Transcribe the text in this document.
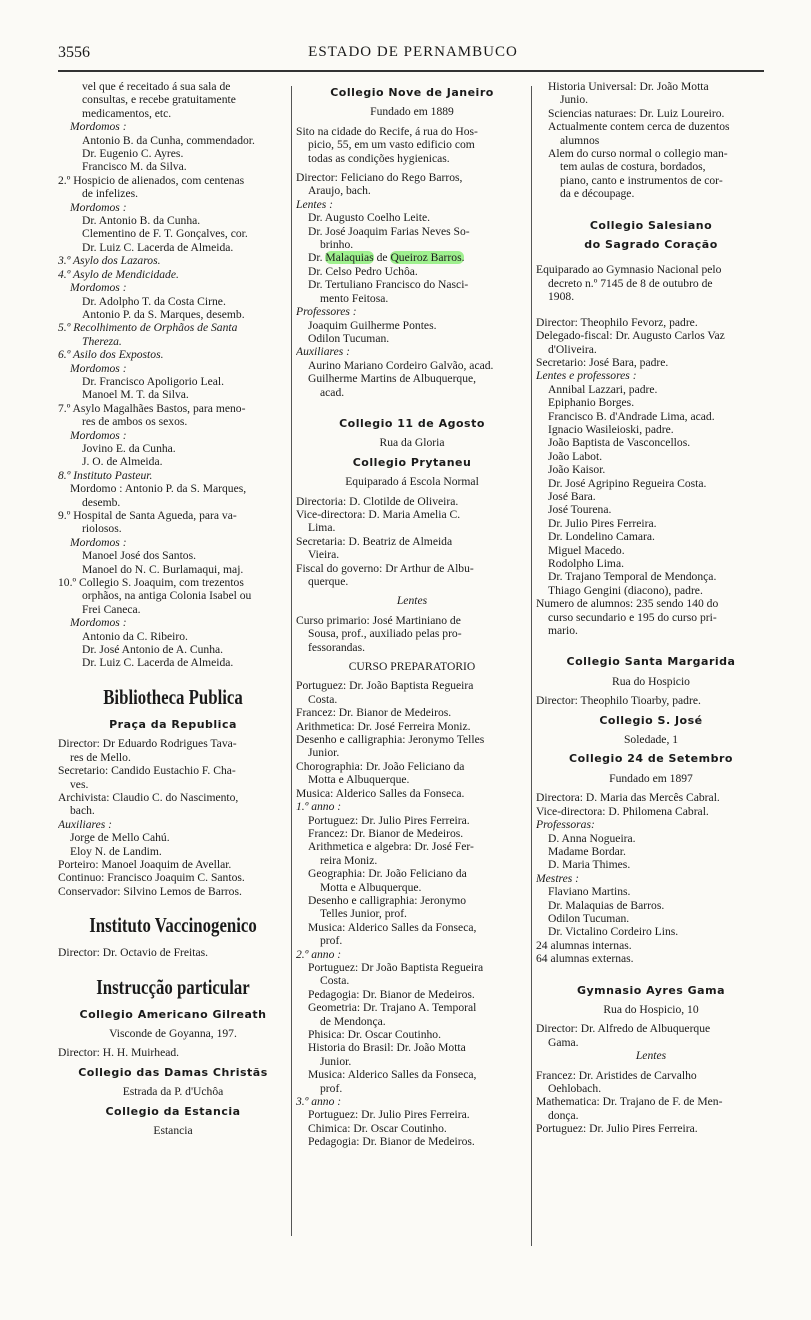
3556	ESTADO DE PERNAMBUCO
vel que é receitado á sua sala de
consultas, e recebe gratuitamente
medicamentos, etc.
Mordomos :
Antonio B. da Cunha, commendador.
Dr. Eugenio C. Ayres.
Francisco M. da Silva.
2.º Hospicio de alienados, com centenas
de infelizes.
Mordomos :
Dr. Antonio B. da Cunha.
Clementino de F. T. Gonçalves, cor.
Dr. Luiz C. Lacerda de Almeida.
3.º Asylo dos Lazaros.
4.º Asylo de Mendicidade.
Mordomos :
Dr. Adolpho T. da Costa Cirne.
Antonio P. da S. Marques, desemb.
5.º Recolhimento de Orphãos de Santa
Thereza.
6.º Asilo dos Expostos.
Mordomos :
Dr. Francisco Apoligorio Leal.
Manoel M. T. da Silva.
7.º Asylo Magalhães Bastos, para meno-
res de ambos os sexos.
Mordomos :
Jovino E. da Cunha.
J. O. de Almeida.
8.º Instituto Pasteur.
Mordomo : Antonio P. da S. Marques,
desemb.
9.º Hospital de Santa Agueda, para va-
riolosos.
Mordomos :
Manoel José dos Santos.
Manoel do N. C. Burlamaqui, maj.
10.º Collegio S. Joaquim, com trezentos
orphãos, na antiga Colonia Isabel ou
Frei Caneca.
Mordomos :
Antonio da C. Ribeiro.
Dr. José Antonio de A. Cunha.
Dr. Luiz C. Lacerda de Almeida.
Bibliotheca Publica
Praça da Republica
Director: Dr Eduardo Rodrigues Tava-
res de Mello.
Secretario: Candido Eustachio F. Cha-
ves.
Archivista: Claudio C. do Nascimento,
bach.
Auxiliares :
Jorge de Mello Cahú.
Eloy N. de Landim.
Porteiro: Manoel Joaquim de Avellar.
Continuo: Francisco Joaquim C. Santos.
Conservador: Silvino Lemos de Barros.
Instituto Vaccinogenico
Director: Dr. Octavio de Freitas.
Instrucção particular
Collegio Americano Gilreath
Visconde de Goyanna, 197.
Director: H. H. Muirhead.
Collegio das Damas Christãs
Estrada da P. d'Uchôa
Collegio da Estancia
Estancia
Collegio Nove de Janeiro
Fundado em 1889
Sito na cidade do Recife, á rua do Hos-
picio, 55, em um vasto edificio com
todas as condições hygienicas.
Director: Feliciano do Rego Barros,
Araujo, bach.
Lentes :
Dr. Augusto Coelho Leite.
Dr. José Joaquim Farias Neves So-
brinho.
Dr. Malaquias de Queiroz Barros.
Dr. Celso Pedro Uchôa.
Dr. Tertuliano Francisco do Nasci-
mento Feitosa.
Professores :
Joaquim Guilherme Pontes.
Odilon Tucuman.
Auxiliares :
Aurino Mariano Cordeiro Galvão, acad.
Guilherme Martins de Albuquerque,
acad.
Collegio 11 de Agosto
Rua da Gloria
Collegio Prytaneu
Equiparado á Escola Normal
Directoria: D. Clotilde de Oliveira.
Vice-directora: D. Maria Amelia C.
Lima.
Secretaria: D. Beatriz de Almeida
Vieira.
Fiscal do governo: Dr Arthur de Albu-
querque.
Lentes
Curso primario: José Martiniano de
Sousa, prof., auxiliado pelas pro-
fessorandas.
CURSO PREPARATORIO
Portuguez: Dr. João Baptista Regueira
Costa.
Francez: Dr. Bianor de Medeiros.
Arithmetica: Dr. José Ferreira Moniz.
Desenho e calligraphia: Jeronymo Telles
Junior.
Chorographia: Dr. João Feliciano da
Motta e Albuquerque.
Musica: Alderico Salles da Fonseca.
1.º anno :
Portuguez: Dr. Julio Pires Ferreira.
Francez: Dr. Bianor de Medeiros.
Arithmetica e algebra: Dr. José Fer-
reira Moniz.
Geographia: Dr. João Feliciano da
Motta e Albuquerque.
Desenho e calligraphia: Jeronymo
Telles Junior, prof.
Musica: Alderico Salles da Fonseca,
prof.
2.º anno :
Portuguez: Dr João Baptista Regueira
Costa.
Pedagogia: Dr. Bianor de Medeiros.
Geometria: Dr. Trajano A. Temporal
de Mendonça.
Phisica: Dr. Oscar Coutinho.
Historia do Brasil: Dr. João Motta
Junior.
Musica: Alderico Salles da Fonseca,
prof.
3.º anno :
Portuguez: Dr. Julio Pires Ferreira.
Chimica: Dr. Oscar Coutinho.
Pedagogia: Dr. Bianor de Medeiros.
Historia Universal: Dr. João Motta
Junio.
Sciencias naturaes: Dr. Luiz Loureiro.
Actualmente contem cerca de duzentos
alumnos
Alem do curso normal o collegio man-
tem aulas de costura, bordados,
piano, canto e instrumentos de cor-
da e découpage.
Collegio Salesiano
do Sagrado Coração
Equiparado ao Gymnasio Nacional pelo
decreto n.º 7145 de 8 de outubro de
1908.
Director: Theophilo Fevorz, padre.
Delegado-fiscal: Dr. Augusto Carlos Vaz
d'Oliveira.
Secretario: José Bara, padre.
Lentes e professores :
Annibal Lazzari, padre.
Epiphanio Borges.
Francisco B. d'Andrade Lima, acad.
Ignacio Wasileioski, padre.
João Baptista de Vasconcellos.
João Labot.
João Kaisor.
Dr. José Agripino Regueira Costa.
José Bara.
José Tourena.
Dr. Julio Pires Ferreira.
Dr. Londelino Camara.
Miguel Macedo.
Rodolpho Lima.
Dr. Trajano Temporal de Mendonça.
Thiago Gengini (diacono), padre.
Numero de alumnos: 235 sendo 140 do
curso secundario e 195 do curso pri-
mario.
Collegio Santa Margarida
Rua do Hospicio
Director: Theophilo Tioarby, padre.
Collegio S. José
Soledade, 1
Collegio 24 de Setembro
Fundado em 1897
Directora: D. Maria das Mercês Cabral.
Vice-directora: D. Philomena Cabral.
Professoras:
D. Anna Nogueira.
Madame Bordar.
D. Maria Thimes.
Mestres :
Flaviano Martins.
Dr. Malaquias de Barros.
Odilon Tucuman.
Dr. Victalino Cordeiro Lins.
24 alumnas internas.
64 alumnas externas.
Gymnasio Ayres Gama
Rua do Hospicio, 10
Director: Dr. Alfredo de Albuquerque
Gama.
Lentes
Francez: Dr. Aristides de Carvalho
Oehlobach.
Mathematica: Dr. Trajano de F. de Men-
donça.
Portuguez: Dr. Julio Pires Ferreira.
